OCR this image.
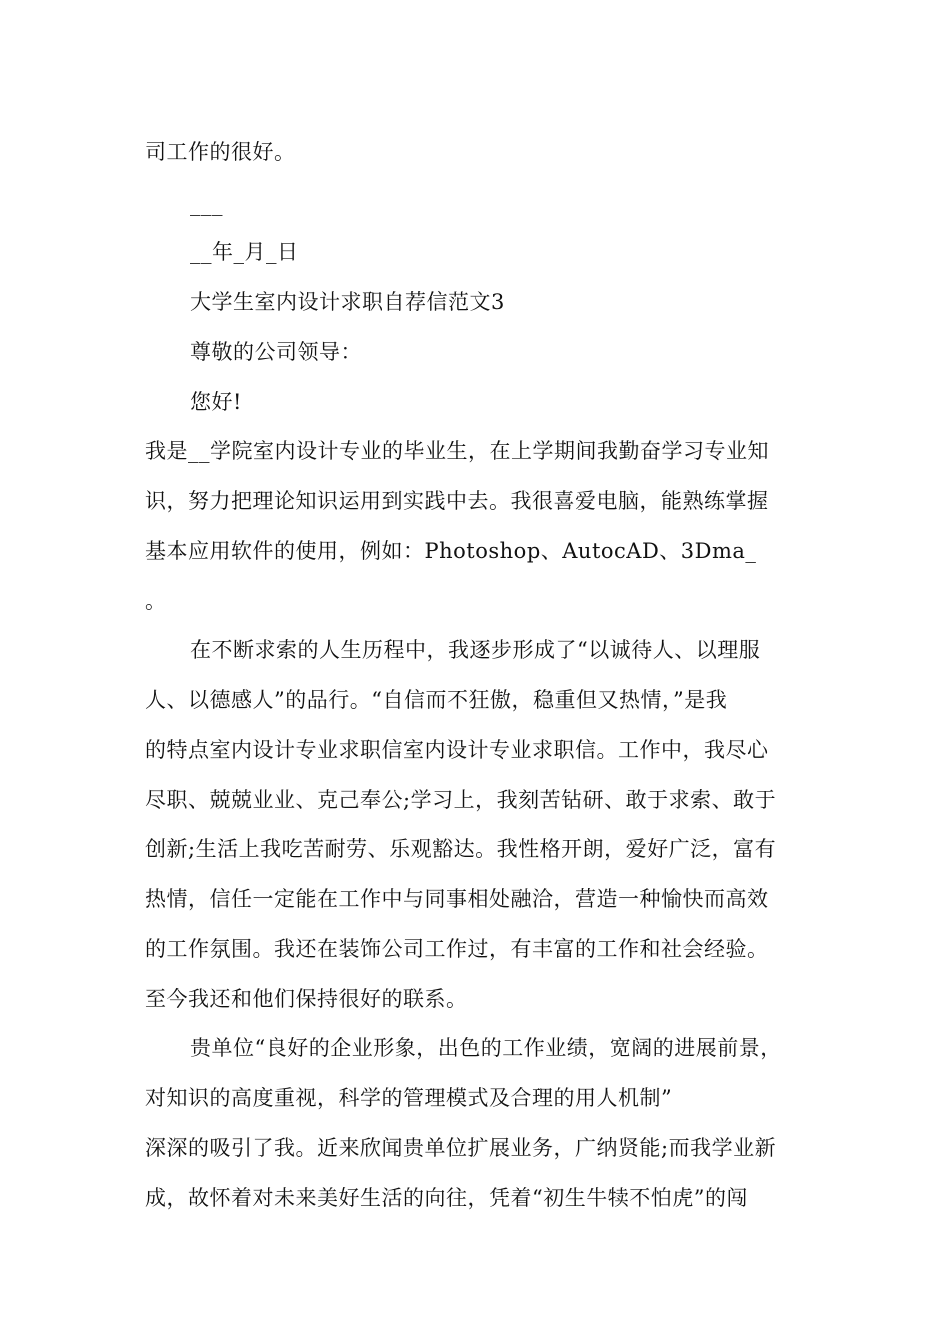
司工作的很好。
___
__年_月_日
大学生室内设计求职自荐信范文3
尊敬的公司领导：
您好!
我是__学院室内设计专业的毕业生，在上学期间我勤奋学习专业知
识，努力把理论知识运用到实践中去。我很喜爱电脑，能熟练掌握
基本应用软件的使用，例如：Photoshop、AutocAD、3Dma_
。
在不断求索的人生历程中，我逐步形成了“以诚待人、以理服
人、以德感人”的品行。“自信而不狂傲，稳重但又热情，”是我
的特点室内设计专业求职信室内设计专业求职信。工作中，我尽心
尽职、兢兢业业、克己奉公;学习上，我刻苦钻研、敢于求索、敢于
创新;生活上我吃苦耐劳、乐观豁达。我性格开朗，爱好广泛，富有
热情，信任一定能在工作中与同事相处融洽，营造一种愉快而高效
的工作氛围。我还在装饰公司工作过，有丰富的工作和社会经验。
至今我还和他们保持很好的联系。
贵单位“良好的企业形象，出色的工作业绩，宽阔的进展前景，
对知识的高度重视，科学的管理模式及合理的用人机制”
深深的吸引了我。近来欣闻贵单位扩展业务，广纳贤能;而我学业新
成，故怀着对未来美好生活的向往，凭着“初生牛犊不怕虎”的闯
